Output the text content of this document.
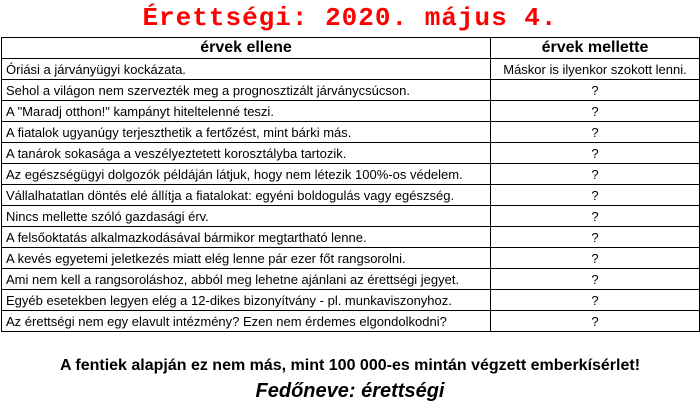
Érettségi: 2020. május 4.
érvek ellene	érvek mellette
Óriási a járványügyi kockázata.	Máskor is ilyenkor szokott lenni.
Sehol a világon nem szervezték meg a prognosztizált járványcsúcson.	?
A "Maradj otthon!" kampányt hiteltelenné teszi.	?
A fiatalok ugyanúgy terjeszthetik a fertőzést, mint bárki más.	?
A tanárok sokasága a veszélyeztetett korosztályba tartozik.	?
Az egészségügyi dolgozók példáján látjuk, hogy nem létezik 100%-os védelem.	?
Vállalhatatlan döntés elé állítja a fiatalokat: egyéni boldogulás vagy egészség.	?
Nincs mellette szóló gazdasági érv.	?
A felsőoktatás alkalmazkodásával bármikor megtartható lenne.	?
A kevés egyetemi jeletkezés miatt elég lenne pár ezer főt rangsorolni.	?
Ami nem kell a rangsoroláshoz, abból meg lehetne ajánlani az érettségi jegyet.	?
Egyéb esetekben legyen elég a 12-dikes bizonyítvány - pl. munkaviszonyhoz.	?
Az érettségi nem egy elavult intézmény? Ezen nem érdemes elgondolkodni?	?
A fentiek alapján ez nem más, mint 100 000-es mintán végzett emberkísérlet!
Fedőneve: érettségi
